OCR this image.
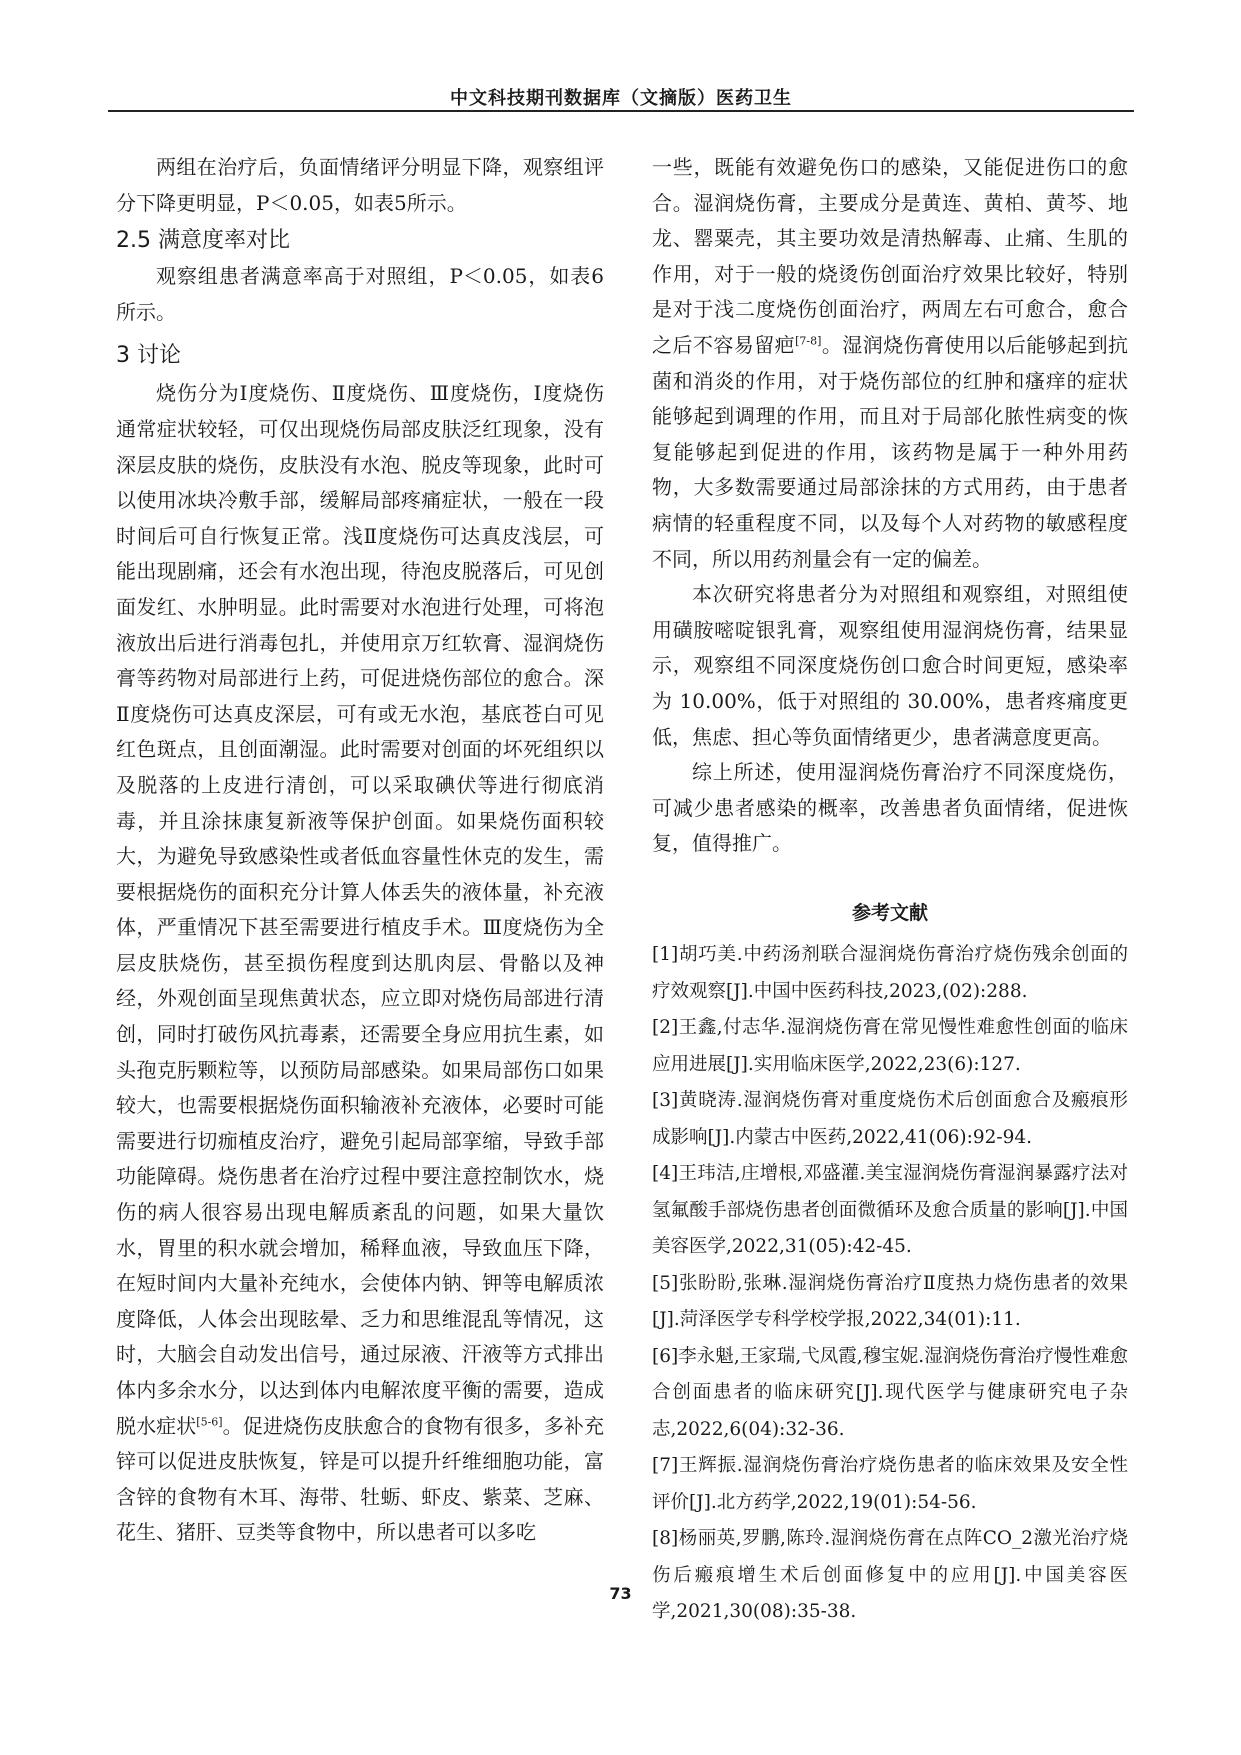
中文科技期刊数据库（文摘版）医药卫生

两组在治疗后，负面情绪评分明显下降，观察组评分下降更明显，P＜0.05，如表5所示。

2.5 满意度率对比

观察组患者满意率高于对照组，P＜0.05，如表6所示。

3 讨论

烧伤分为Ⅰ度烧伤、Ⅱ度烧伤、Ⅲ度烧伤，Ⅰ度烧伤通常症状较轻，可仅出现烧伤局部皮肤泛红现象，没有深层皮肤的烧伤，皮肤没有水泡、脱皮等现象，此时可以使用冰块冷敷手部，缓解局部疼痛症状，一般在一段时间后可自行恢复正常。浅Ⅱ度烧伤可达真皮浅层，可能出现剧痛，还会有水泡出现，待泡皮脱落后，可见创面发红、水肿明显。此时需要对水泡进行处理，可将泡液放出后进行消毒包扎，并使用京万红软膏、湿润烧伤膏等药物对局部进行上药，可促进烧伤部位的愈合。深Ⅱ度烧伤可达真皮深层，可有或无水泡，基底苍白可见红色斑点，且创面潮湿。此时需要对创面的坏死组织以及脱落的上皮进行清创，可以采取碘伏等进行彻底消毒，并且涂抹康复新液等保护创面。如果烧伤面积较大，为避免导致感染性或者低血容量性休克的发生，需要根据烧伤的面积充分计算人体丢失的液体量，补充液体，严重情况下甚至需要进行植皮手术。Ⅲ度烧伤为全层皮肤烧伤，甚至损伤程度到达肌肉层、骨骼以及神经，外观创面呈现焦黄状态，应立即对烧伤局部进行清创，同时打破伤风抗毒素，还需要全身应用抗生素，如头孢克肟颗粒等，以预防局部感染。如果局部伤口如果较大，也需要根据烧伤面积输液补充液体，必要时可能需要进行切痂植皮治疗，避免引起局部挛缩，导致手部功能障碍。烧伤患者在治疗过程中要注意控制饮水，烧伤的病人很容易出现电解质紊乱的问题，如果大量饮水，胃里的积水就会增加，稀释血液，导致血压下降，在短时间内大量补充纯水，会使体内钠、钾等电解质浓度降低，人体会出现眩晕、乏力和思维混乱等情况，这时，大脑会自动发出信号，通过尿液、汗液等方式排出体内多余水分，以达到体内电解浓度平衡的需要，造成脱水症状[5-6]。促进烧伤皮肤愈合的食物有很多，多补充锌可以促进皮肤恢复，锌是可以提升纤维细胞功能，富含锌的食物有木耳、海带、牡蛎、虾皮、紫菜、芝麻、花生、猪肝、豆类等食物中，所以患者可以多吃

一些，既能有效避免伤口的感染，又能促进伤口的愈合。湿润烧伤膏，主要成分是黄连、黄柏、黄芩、地龙、罂粟壳，其主要功效是清热解毒、止痛、生肌的作用，对于一般的烧烫伤创面治疗效果比较好，特别是对于浅二度烧伤创面治疗，两周左右可愈合，愈合之后不容易留疤[7-8]。湿润烧伤膏使用以后能够起到抗菌和消炎的作用，对于烧伤部位的红肿和瘙痒的症状能够起到调理的作用，而且对于局部化脓性病变的恢复能够起到促进的作用，该药物是属于一种外用药物，大多数需要通过局部涂抹的方式用药，由于患者病情的轻重程度不同，以及每个人对药物的敏感程度不同，所以用药剂量会有一定的偏差。

本次研究将患者分为对照组和观察组，对照组使用磺胺嘧啶银乳膏，观察组使用湿润烧伤膏，结果显示，观察组不同深度烧伤创口愈合时间更短，感染率为 10.00%，低于对照组的 30.00%，患者疼痛度更低，焦虑、担心等负面情绪更少，患者满意度更高。

综上所述，使用湿润烧伤膏治疗不同深度烧伤，可减少患者感染的概率，改善患者负面情绪，促进恢复，值得推广。

参考文献
[1]胡巧美.中药汤剂联合湿润烧伤膏治疗烧伤残余创面的疗效观察[J].中国中医药科技,2023,(02):288.
[2]王鑫,付志华.湿润烧伤膏在常见慢性难愈性创面的临床应用进展[J].实用临床医学,2022,23(6):127.
[3]黄晓涛.湿润烧伤膏对重度烧伤术后创面愈合及瘢痕形成影响[J].内蒙古中医药,2022,41(06):92-94.
[4]王玮洁,庄增根,邓盛灌.美宝湿润烧伤膏湿润暴露疗法对氢氟酸手部烧伤患者创面微循环及愈合质量的影响[J].中国美容医学,2022,31(05):42-45.
[5]张盼盼,张琳.湿润烧伤膏治疗Ⅱ度热力烧伤患者的效果[J].菏泽医学专科学校学报,2022,34(01):11.
[6]李永魁,王家瑞,弋凤霞,穆宝妮.湿润烧伤膏治疗慢性难愈合创面患者的临床研究[J].现代医学与健康研究电子杂志,2022,6(04):32-36.
[7]王辉振.湿润烧伤膏治疗烧伤患者的临床效果及安全性评价[J].北方药学,2022,19(01):54-56.
[8]杨丽英,罗鹏,陈玲.湿润烧伤膏在点阵CO_2激光治疗烧伤后瘢痕增生术后创面修复中的应用[J].中国美容医学,2021,30(08):35-38.
73
